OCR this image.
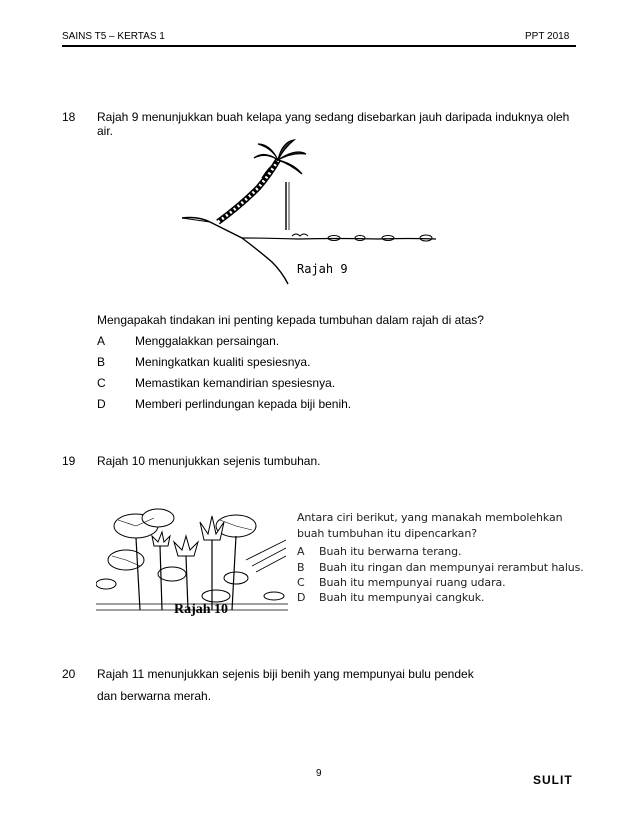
SAINS T5 – KERTAS 1	PPT 2018
18 Rajah 9 menunjukkan buah kelapa yang sedang disebarkan jauh daripada induknya oleh air.
Rajah 9
Mengapakah tindakan ini penting kepada tumbuhan dalam rajah di atas?
A Menggalakkan persaingan.
B Meningkatkan kualiti spesiesnya.
C Memastikan kemandirian spesiesnya.
D Memberi perlindungan kepada biji benih.
19 Rajah 10 menunjukkan sejenis tumbuhan.
Rajah 10
Antara ciri berikut, yang manakah membolehkan
buah tumbuhan itu dipencarkan?
A Buah itu berwarna terang.
B Buah itu ringan dan mempunyai rerambut halus.
C Buah itu mempunyai ruang udara.
D Buah itu mempunyai cangkuk.
20 Rajah 11 menunjukkan sejenis biji benih yang mempunyai bulu pendek
dan berwarna merah.
9	SULIT
